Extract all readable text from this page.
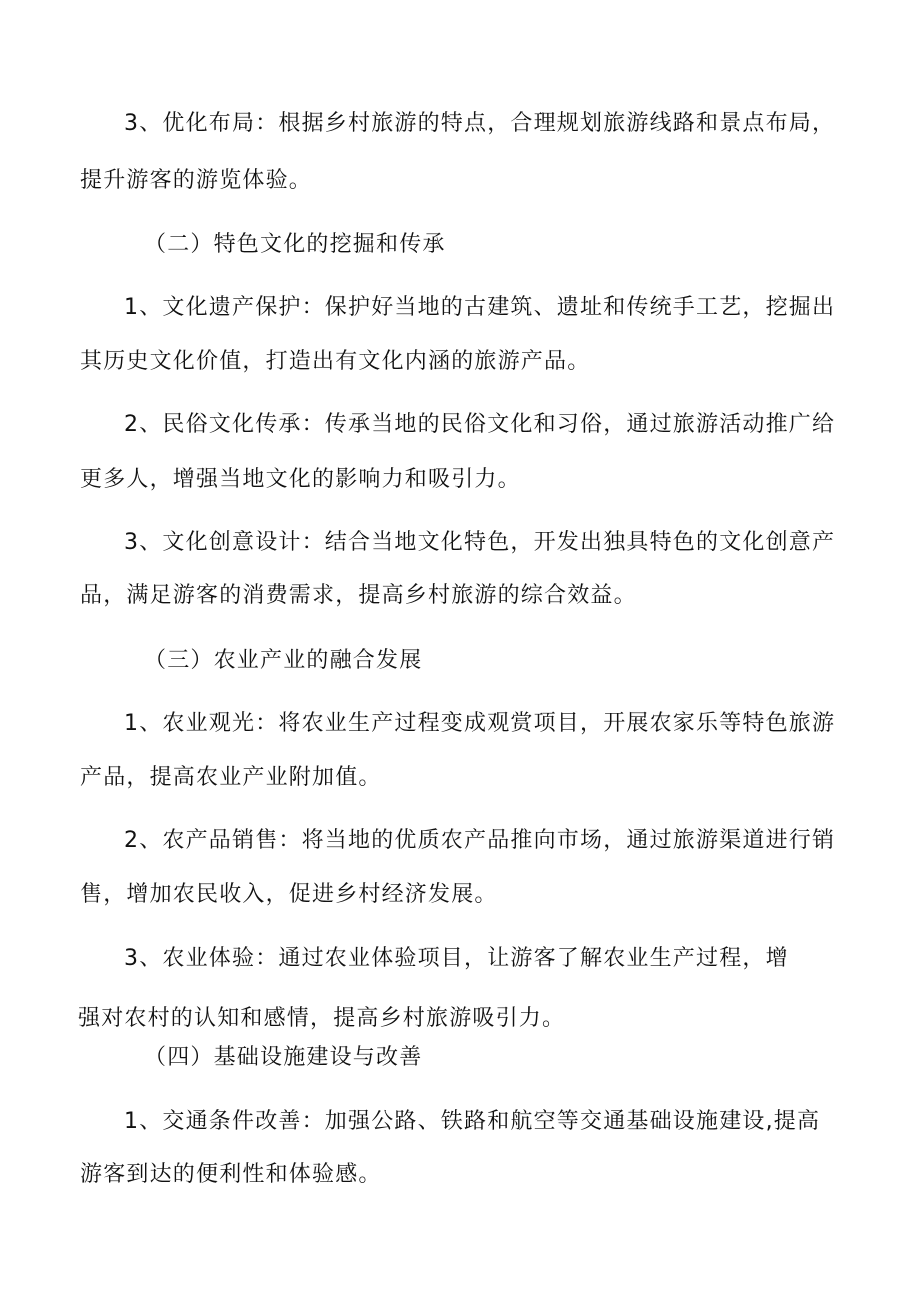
3、优化布局：根据乡村旅游的特点，合理规划旅游线路和景点布局，

提升游客的游览体验。

（二）特色文化的挖掘和传承

1、文化遗产保护：保护好当地的古建筑、遗址和传统手工艺，挖掘出

其历史文化价值，打造出有文化内涵的旅游产品。

2、民俗文化传承：传承当地的民俗文化和习俗，通过旅游活动推广给

更多人，增强当地文化的影响力和吸引力。

3、文化创意设计：结合当地文化特色，开发出独具特色的文化创意产

品，满足游客的消费需求，提高乡村旅游的综合效益。

（三）农业产业的融合发展

1、农业观光：将农业生产过程变成观赏项目，开展农家乐等特色旅游

产品，提高农业产业附加值。

2、农产品销售：将当地的优质农产品推向市场，通过旅游渠道进行销

售，增加农民收入，促进乡村经济发展。

3、农业体验：通过农业体验项目，让游客了解农业生产过程，增

强对农村的认知和感情，提高乡村旅游吸引力。

（四）基础设施建设与改善

1、交通条件改善：加强公路、铁路和航空等交通基础设施建设,提高

游客到达的便利性和体验感。
